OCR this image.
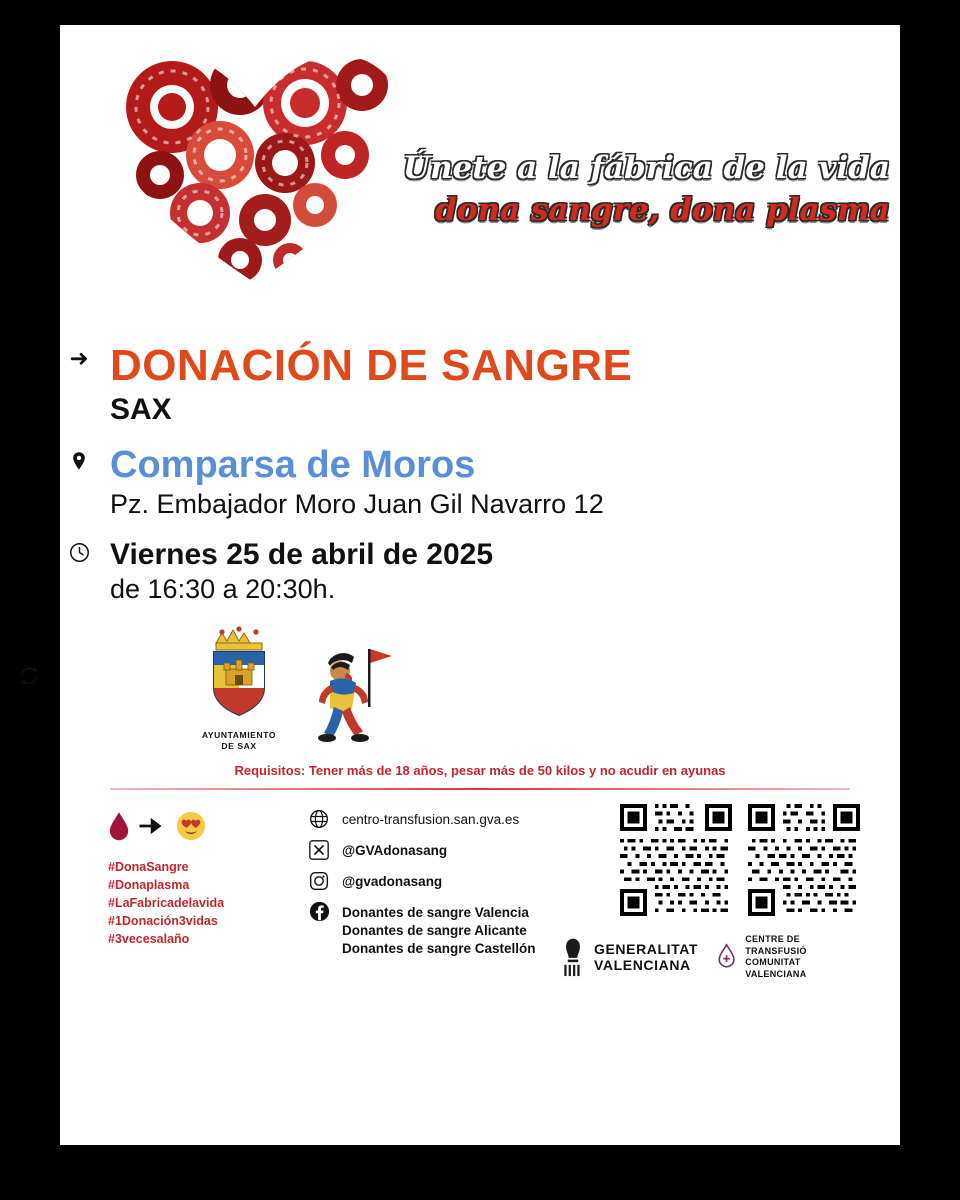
Únete a la fábrica de la vida
dona sangre, dona plasma
➜ DONACIÓN DE SANGRE
SAX
Comparsa de Moros
Pz. Embajador Moro Juan Gil Navarro 12
Viernes 25 de abril de 2025
de 16:30 a 20:30h.
AYUNTAMIENTO
DE SAX
Requisitos: Tener más de 18 años, pesar más de 50 kilos y no acudir en ayunas
#DonaSangre
#Donaplasma
#LaFabricadelavida
#1Donación3vidas
#3vecesalaño
centro-transfusion.san.gva.es
@GVAdonasang
@gvadonasang
Donantes de sangre Valencia
Donantes de sangre Alicante
Donantes de sangre Castellón	GENERALITAT
VALENCIANA
CENTRE DE TRANSFUSIÓ
COMUNITAT VALENCIANA
